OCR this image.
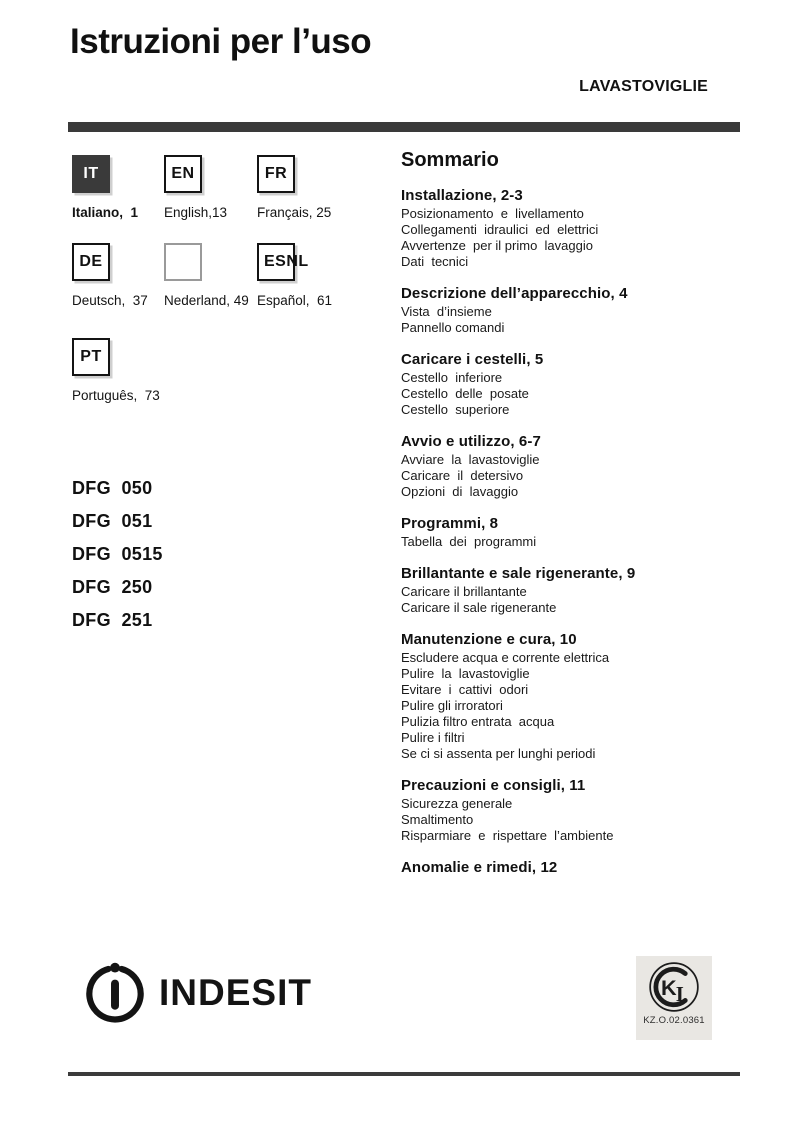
Istruzioni per l’uso
LAVASTOVIGLIE
IT
Italiano,  1
EN
English,13
FR
Français, 25
DE
Deutsch,  37	Nederland, 49
ESNL
Español,  61
PT
Português,  73
DFG  050
DFG  051
DFG  0515
DFG  250
DFG  251
Sommario
Installazione, 2-3
Posizionamento  e  livellamento
Collegamenti  idraulici  ed  elettrici
Avvertenze  per il primo  lavaggio
Dati  tecnici
Descrizione dell’apparecchio, 4
Vista  d’insieme
Pannello comandi
Caricare i cestelli, 5
Cestello  inferiore
Cestello  delle  posate
Cestello  superiore
Avvio e utilizzo, 6-7
Avviare  la  lavastoviglie
Caricare  il  detersivo
Opzioni  di  lavaggio
Programmi, 8
Tabella  dei  programmi
Brillantante e sale rigenerante, 9
Caricare il brillantante
Caricare il sale rigenerante
Manutenzione e cura, 10
Escludere acqua e corrente elettrica
Pulire  la  lavastoviglie
Evitare  i  cattivi  odori
Pulire gli irroratori
Pulizia filtro entrata  acqua
Pulire i filtri
Se ci si assenta per lunghi periodi
Precauzioni e consigli, 11
Sicurezza generale
Smaltimento
Risparmiare  e  rispettare  l’ambiente
Anomalie e rimedi, 12
INDESIT	K I
KZ.O.02.0361
